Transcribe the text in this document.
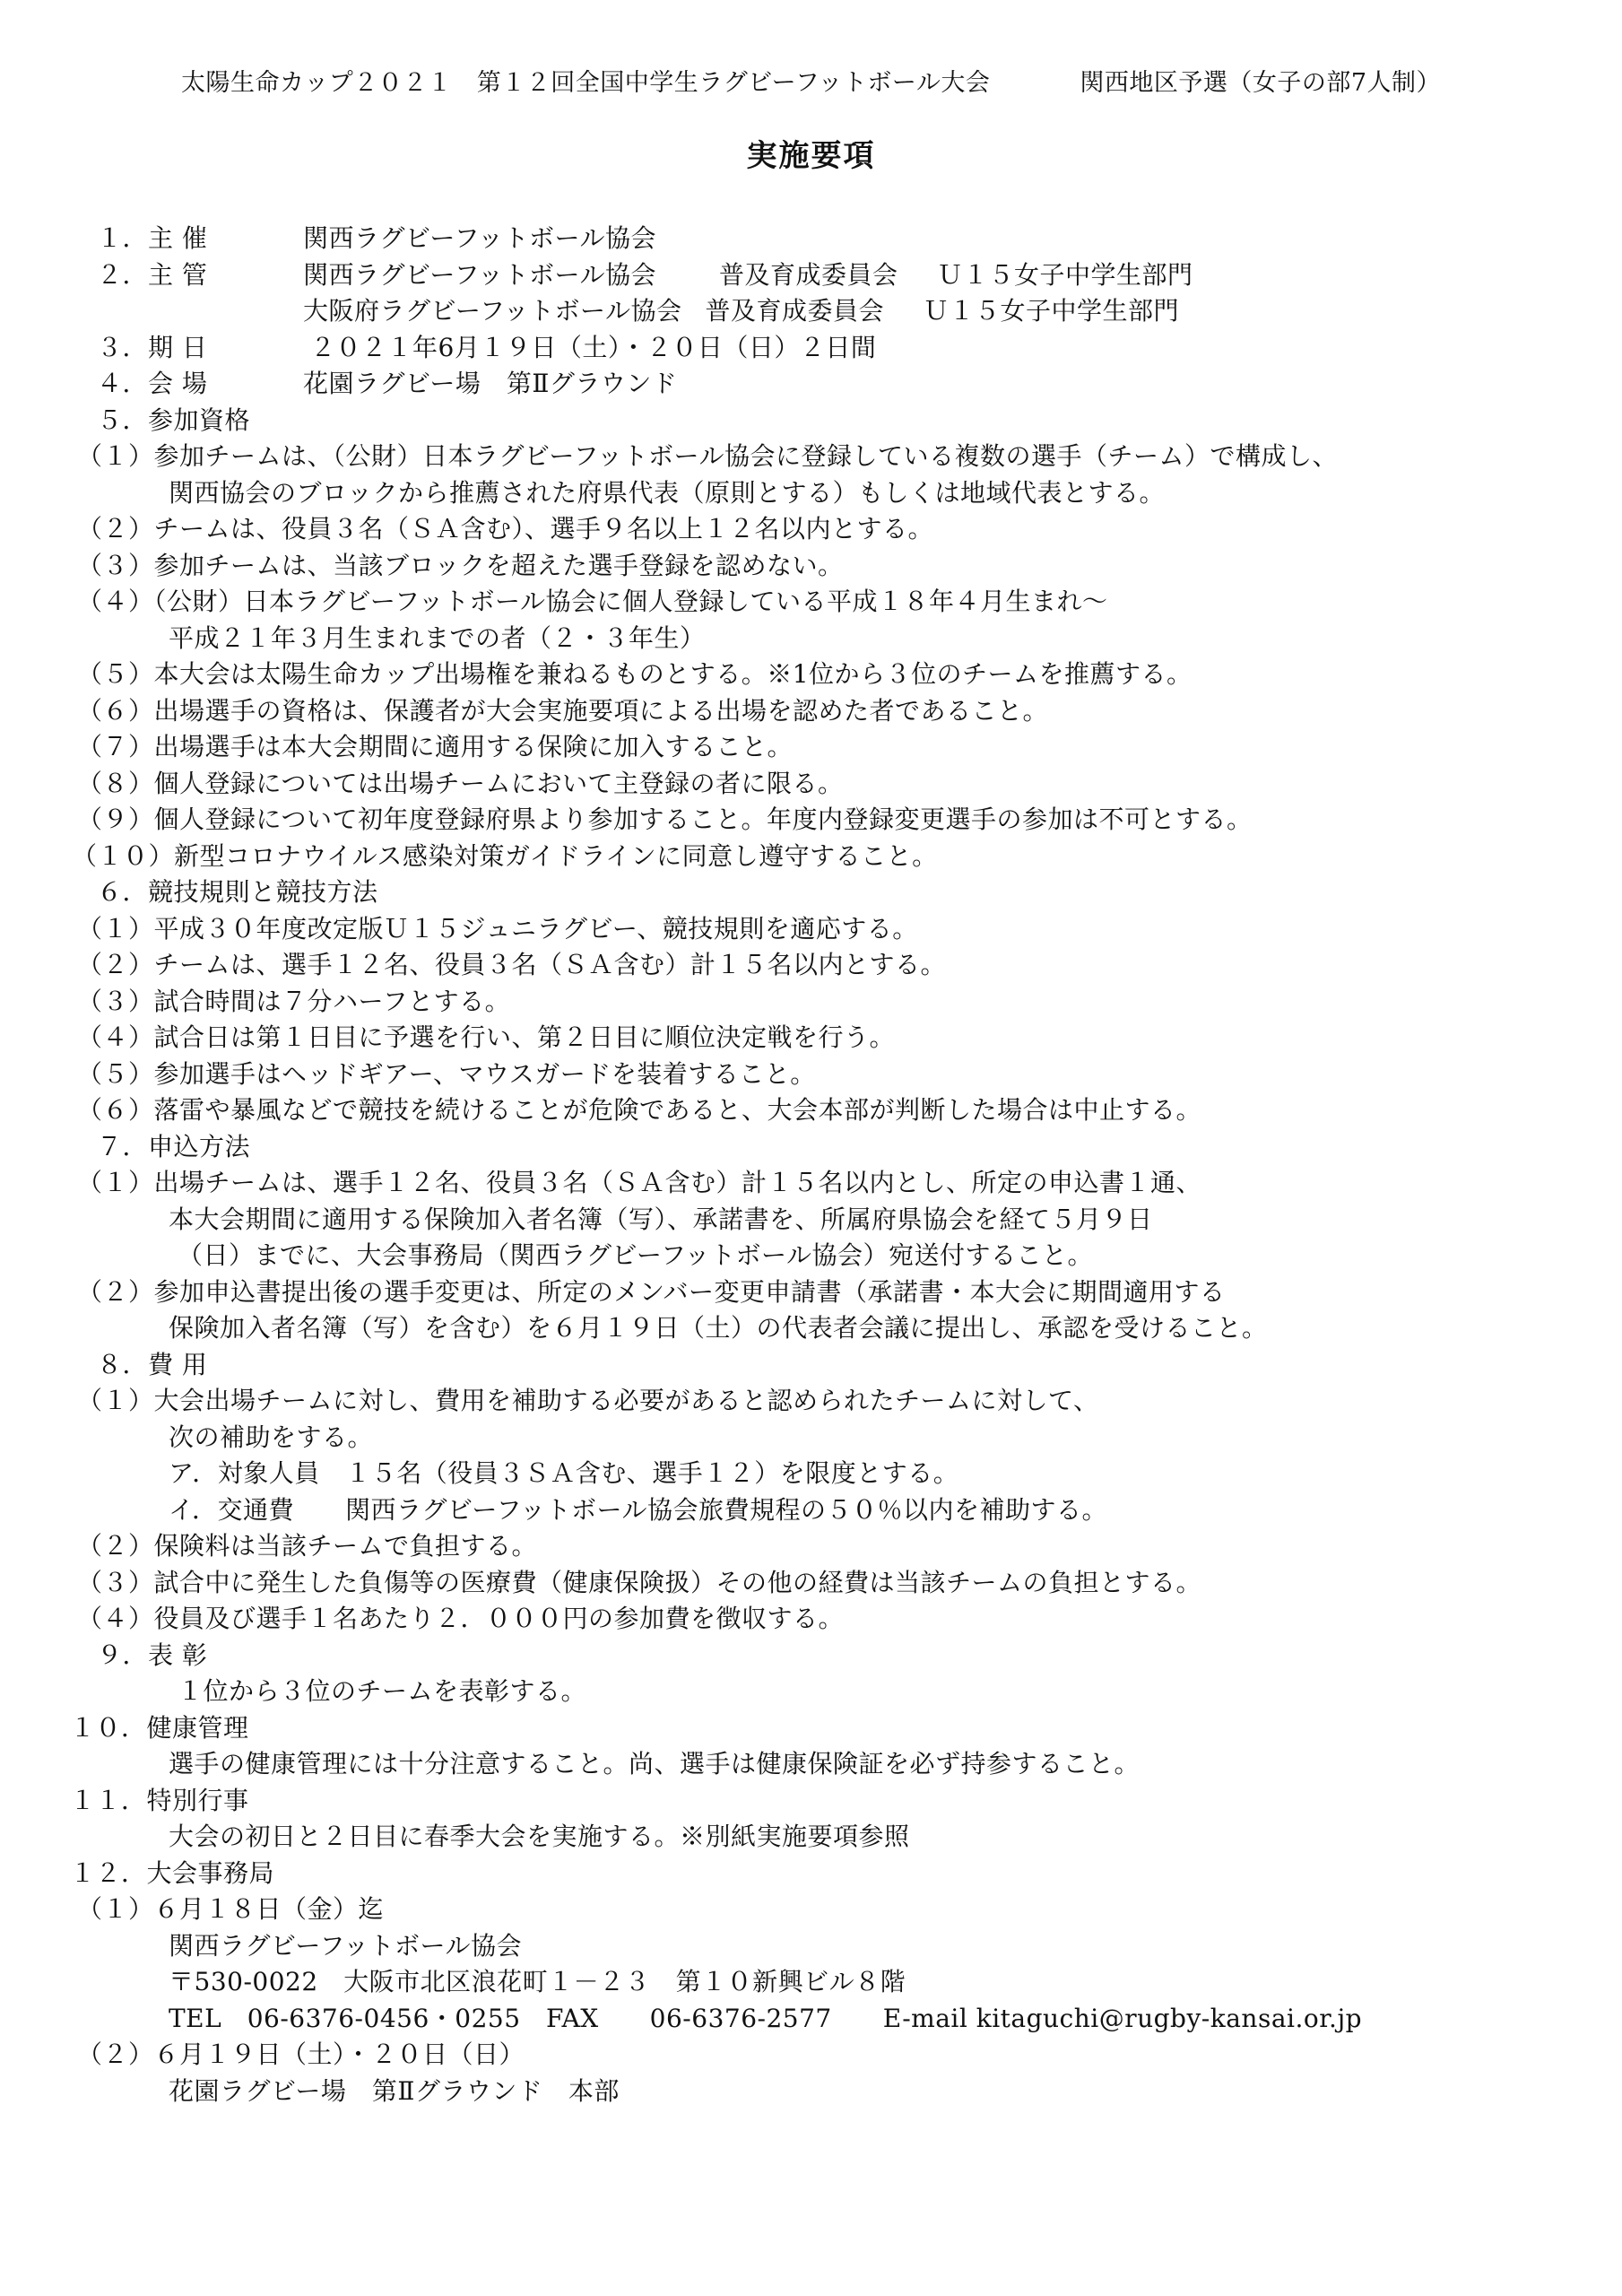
太陽生命カップ２０２１　第１２回全国中学生ラグビーフットボール大会	関西地区予選（女子の部7人制）
実施要項
１．主 催	関西ラグビーフットボール協会
２．主 管	関西ラグビーフットボール協会	普及育成委員会 Ｕ１５女子中学生部門
大阪府ラグビーフットボール協会 普及育成委員会 Ｕ１５女子中学生部門
３．期 日	２０２１年6月１９日（土）・２０日（日）２日間
４．会 場	花園ラグビー場　第Ⅱグラウンド
５．参加資格
（１）参加チームは、（公財）日本ラグビーフットボール協会に登録している複数の選手（チーム）で構成し、
関西協会のブロックから推薦された府県代表（原則とする）もしくは地域代表とする。
（２）チームは、役員３名（ＳＡ含む）、選手９名以上１２名以内とする。
（３）参加チームは、当該ブロックを超えた選手登録を認めない。
（４）（公財）日本ラグビーフットボール協会に個人登録している平成１８年４月生まれ～
平成２１年３月生まれまでの者（２・３年生）
（５）本大会は太陽生命カップ出場権を兼ねるものとする。※1位から３位のチームを推薦する。
（６）出場選手の資格は、保護者が大会実施要項による出場を認めた者であること。
（７）出場選手は本大会期間に適用する保険に加入すること。
（８）個人登録については出場チームにおいて主登録の者に限る。
（９）個人登録について初年度登録府県より参加すること。年度内登録変更選手の参加は不可とする。
（１０）新型コロナウイルス感染対策ガイドラインに同意し遵守すること。
６．競技規則と競技方法
（１）平成３０年度改定版Ｕ１５ジュニラグビー、競技規則を適応する。
（２）チームは、選手１２名、役員３名（ＳＡ含む）計１５名以内とする。
（３）試合時間は７分ハーフとする。
（４）試合日は第１日目に予選を行い、第２日目に順位決定戦を行う。
（５）参加選手はヘッドギアー、マウスガードを装着すること。
（６）落雷や暴風などで競技を続けることが危険であると、大会本部が判断した場合は中止する。
７．申込方法
（１）出場チームは、選手１２名、役員３名（ＳＡ含む）計１５名以内とし、所定の申込書１通、
本大会期間に適用する保険加入者名簿（写）、承諾書を、所属府県協会を経て５月９日
（日）までに、大会事務局（関西ラグビーフットボール協会）宛送付すること。
（２）参加申込書提出後の選手変更は、所定のメンバー変更申請書（承諾書・本大会に期間適用する
保険加入者名簿（写）を含む）を６月１９日（土）の代表者会議に提出し、承認を受けること。
８．費 用
（１）大会出場チームに対し、費用を補助する必要があると認められたチームに対して、
次の補助をする。
ア．対象人員　１５名（役員３ＳＡ含む、選手１２）を限度とする。
イ．交通費　　関西ラグビーフットボール協会旅費規程の５０％以内を補助する。
（２）保険料は当該チームで負担する。
（３）試合中に発生した負傷等の医療費（健康保険扱）その他の経費は当該チームの負担とする。
（４）役員及び選手１名あたり２．０００円の参加費を徴収する。
９．表 彰
１位から３位のチームを表彰する。
１０．健康管理
選手の健康管理には十分注意すること。尚、選手は健康保険証を必ず持参すること。
１１．特別行事
大会の初日と２日目に春季大会を実施する。※別紙実施要項参照
１２．大会事務局
（１）６月１８日（金）迄
関西ラグビーフットボール協会
〒530-0022　大阪市北区浪花町１－２３　第１０新興ビル８階
TEL　06-6376-0456・0255　FAX　　06-6376-2577　　E-mail kitaguchi@rugby-kansai.or.jp
（２）６月１９日（土）・２０日（日）
花園ラグビー場　第Ⅱグラウンド　本部
